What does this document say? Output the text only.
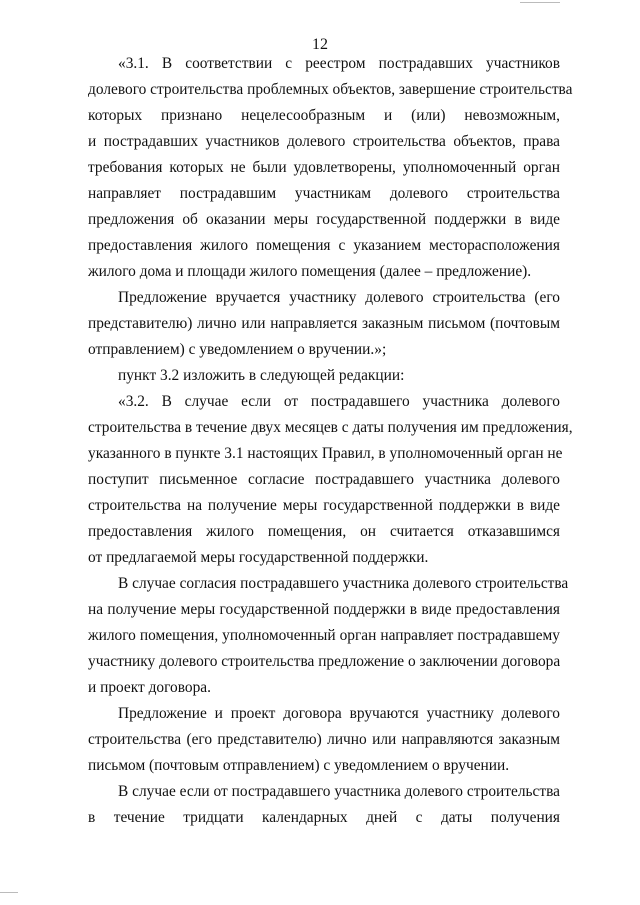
12
«3.1. В соответствии с реестром пострадавших участников
долевого строительства проблемных объектов, завершение строительства
которых признано нецелесообразным и (или) невозможным,
и пострадавших участников долевого строительства объектов, права
требования которых не были удовлетворены, уполномоченный орган
направляет пострадавшим участникам долевого строительства
предложения об оказании меры государственной поддержки в виде
предоставления жилого помещения с указанием месторасположения
жилого дома и площади жилого помещения (далее – предложение).
Предложение вручается участнику долевого строительства (его
представителю) лично или направляется заказным письмом (почтовым
отправлением) с уведомлением о вручении.»;
пункт 3.2 изложить в следующей редакции:
«3.2. В случае если от пострадавшего участника долевого
строительства в течение двух месяцев с даты получения им предложения,
указанного в пункте 3.1 настоящих Правил, в уполномоченный орган не
поступит письменное согласие пострадавшего участника долевого
строительства на получение меры государственной поддержки в виде
предоставления жилого помещения, он считается отказавшимся
от предлагаемой меры государственной поддержки.
В случае согласия пострадавшего участника долевого строительства
на получение меры государственной поддержки в виде предоставления
жилого помещения, уполномоченный орган направляет пострадавшему
участнику долевого строительства предложение о заключении договора
и проект договора.
Предложение и проект договора вручаются участнику долевого
строительства (его представителю) лично или направляются заказным
письмом (почтовым отправлением) с уведомлением о вручении.
В случае если от пострадавшего участника долевого строительства
в течение тридцати календарных дней с даты получения
